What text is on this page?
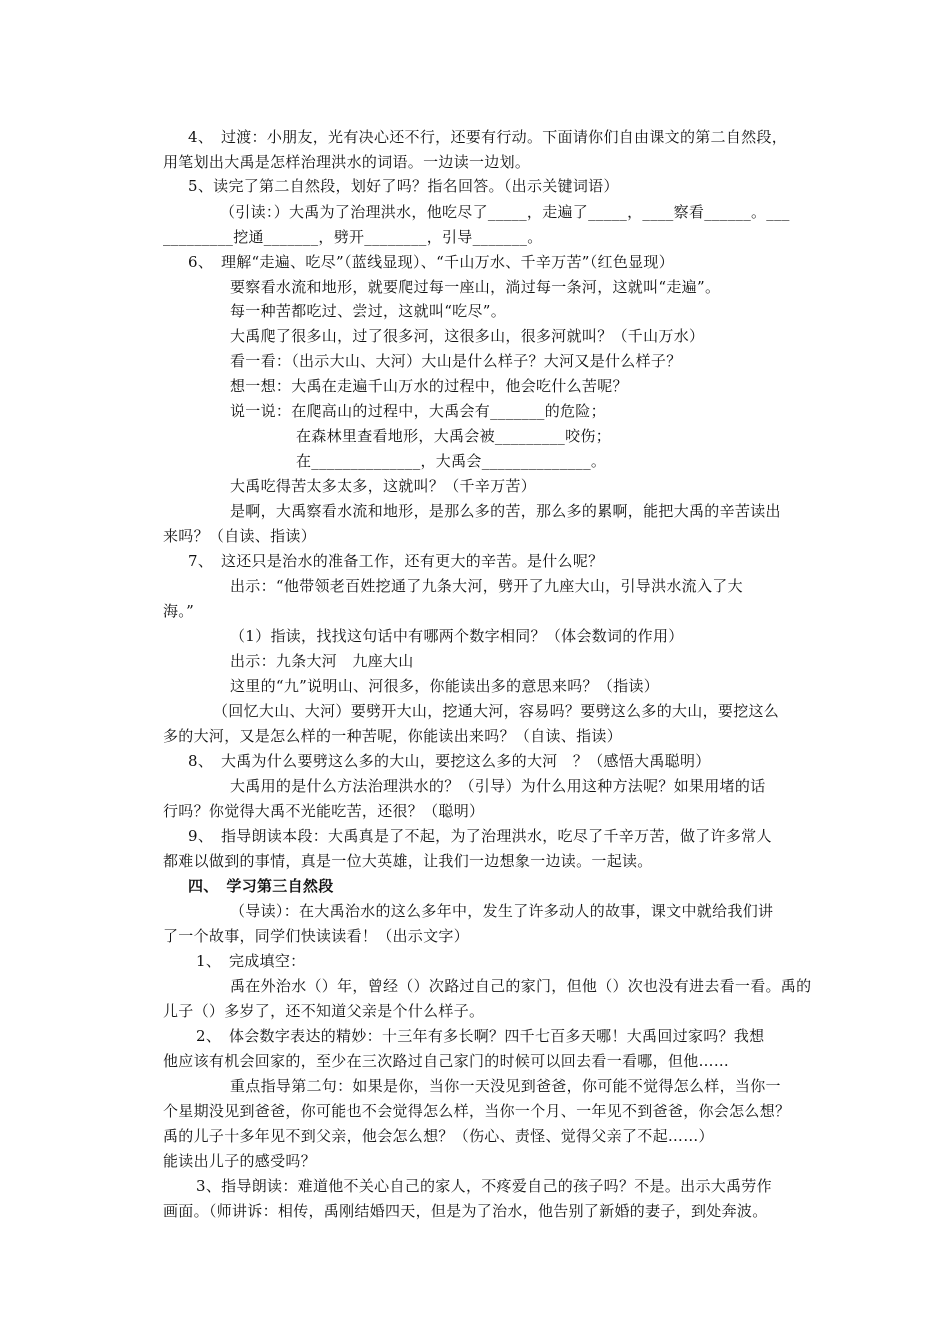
4、　过渡：小朋友，光有决心还不行，还要有行动。下面请你们自由课文的第二自然段，

用笔划出大禹是怎样治理洪水的词语。一边读一边划。

5、读完了第二自然段，划好了吗？指名回答。（出示关键词语）

（引读：）大禹为了治理洪水，他吃尽了_____，走遍了_____，____察看______。___

_________挖通_______，劈开________，引导_______。

6、　理解“走遍、吃尽”（蓝线显现）、“千山万水、千辛万苦”（红色显现）

要察看水流和地形，就要爬过每一座山，淌过每一条河，这就叫“走遍”。

每一种苦都吃过、尝过，这就叫“吃尽”。

大禹爬了很多山，过了很多河，这很多山，很多河就叫？（千山万水）

看一看：（出示大山、大河）大山是什么样子？大河又是什么样子？

想一想：大禹在走遍千山万水的过程中，他会吃什么苦呢？

说一说：在爬高山的过程中，大禹会有_______的危险；

在森林里查看地形，大禹会被_________咬伤；

在______________，大禹会______________。

大禹吃得苦太多太多，这就叫？（千辛万苦）

是啊，大禹察看水流和地形，是那么多的苦，那么多的累啊，能把大禹的辛苦读出

来吗？（自读、指读）

7、　这还只是治水的准备工作，还有更大的辛苦。是什么呢？

出示：“他带领老百姓挖通了九条大河，劈开了九座大山，引导洪水流入了大

海。”

（1）指读，找找这句话中有哪两个数字相同？（体会数词的作用）

出示：九条大河　九座大山

这里的“九”说明山、河很多，你能读出多的意思来吗？（指读）

（回忆大山、大河）要劈开大山，挖通大河，容易吗？要劈这么多的大山，要挖这么

多的大河，又是怎么样的一种苦呢，你能读出来吗？（自读、指读）

8、　大禹为什么要劈这么多的大山，要挖这么多的大河　？（感悟大禹聪明）

大禹用的是什么方法治理洪水的？（引导）为什么用这种方法呢？如果用堵的话

行吗？你觉得大禹不光能吃苦，还很？（聪明）

9、　指导朗读本段：大禹真是了不起，为了治理洪水，吃尽了千辛万苦，做了许多常人

都难以做到的事情，真是一位大英雄，让我们一边想象一边读。一起读。

四、　学习第三自然段

（导读）：在大禹治水的这么多年中，发生了许多动人的故事，课文中就给我们讲

了一个故事，同学们快读读看！（出示文字）

1、　完成填空：

禹在外治水（）年，曾经（）次路过自己的家门，但他（）次也没有进去看一看。禹的

儿子（）多岁了，还不知道父亲是个什么样子。

2、　体会数字表达的精妙：十三年有多长啊？四千七百多天哪！大禹回过家吗？我想

他应该有机会回家的，至少在三次路过自己家门的时候可以回去看一看哪，但他……

重点指导第二句：如果是你，当你一天没见到爸爸，你可能不觉得怎么样，当你一

个星期没见到爸爸，你可能也不会觉得怎么样，当你一个月、一年见不到爸爸，你会怎么想？

禹的儿子十多年见不到父亲，他会怎么想？（伤心、责怪、觉得父亲了不起……）

能读出儿子的感受吗？

3、指导朗读：难道他不关心自己的家人，不疼爱自己的孩子吗？不是。出示大禹劳作

画面。（师讲诉：相传，禹刚结婚四天，但是为了治水，他告别了新婚的妻子，到处奔波。
